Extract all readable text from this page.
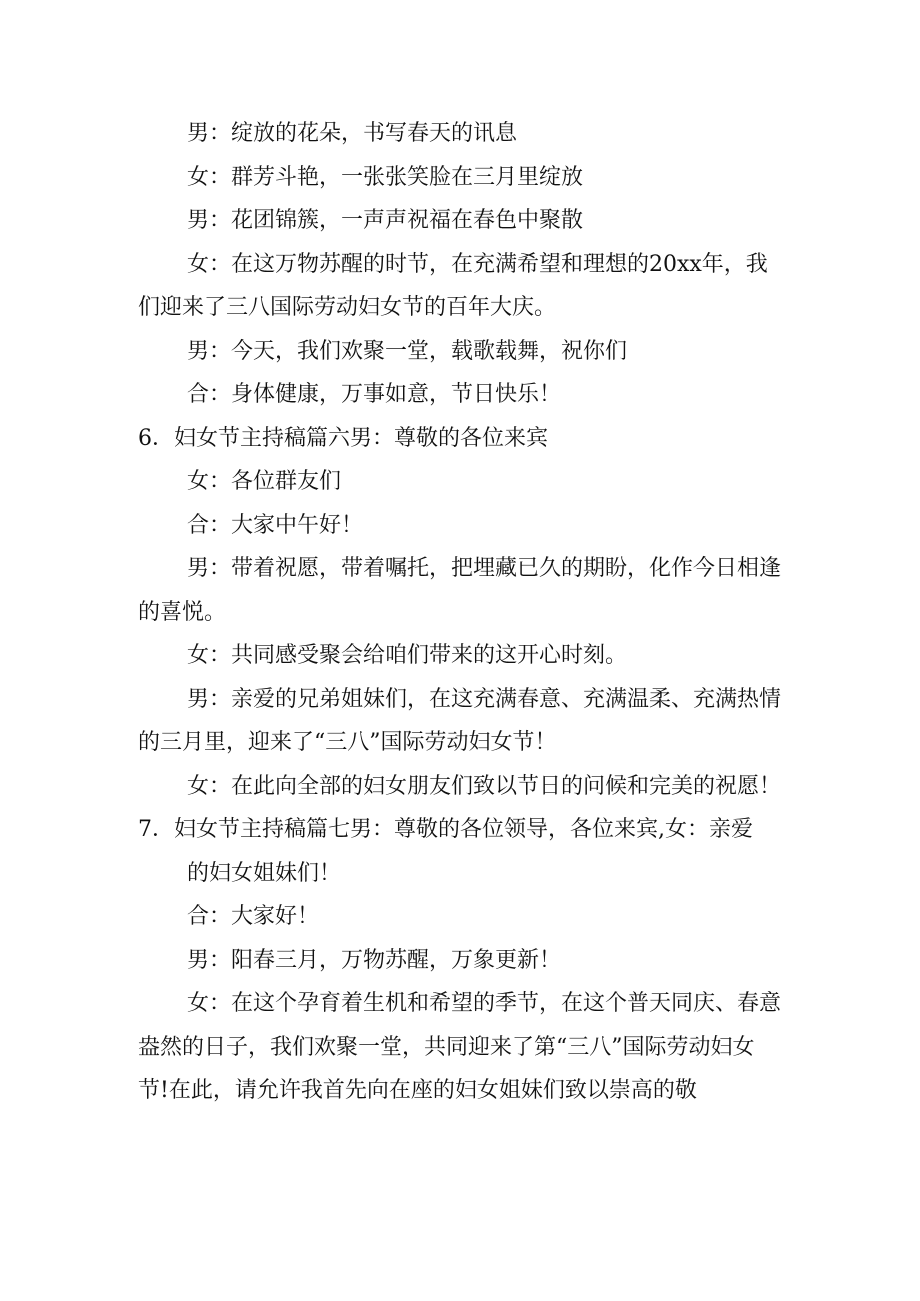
男：绽放的花朵，书写春天的讯息

女：群芳斗艳，一张张笑脸在三月里绽放

男：花团锦簇，一声声祝福在春色中聚散

女：在这万物苏醒的时节，在充满希望和理想的20xx年，我们迎来了三八国际劳动妇女节的百年大庆。

男：今天，我们欢聚一堂，载歌载舞，祝你们

合：身体健康，万事如意，节日快乐！

6．妇女节主持稿篇六男：尊敬的各位来宾

女：各位群友们

合：大家中午好！

男：带着祝愿，带着嘱托，把埋藏已久的期盼，化作今日相逢的喜悦。

女：共同感受聚会给咱们带来的这开心时刻。

男：亲爱的兄弟姐妹们，在这充满春意、充满温柔、充满热情的三月里，迎来了“三八”国际劳动妇女节！

女：在此向全部的妇女朋友们致以节日的问候和完美的祝愿！

7．妇女节主持稿篇七男：尊敬的各位领导，各位来宾,女：亲爱

的妇女姐妹们！

合：大家好！

男：阳春三月，万物苏醒，万象更新！

女：在这个孕育着生机和希望的季节，在这个普天同庆、春意盎然的日子，我们欢聚一堂，共同迎来了第“三八”国际劳动妇女节!在此，请允许我首先向在座的妇女姐妹们致以崇高的敬
